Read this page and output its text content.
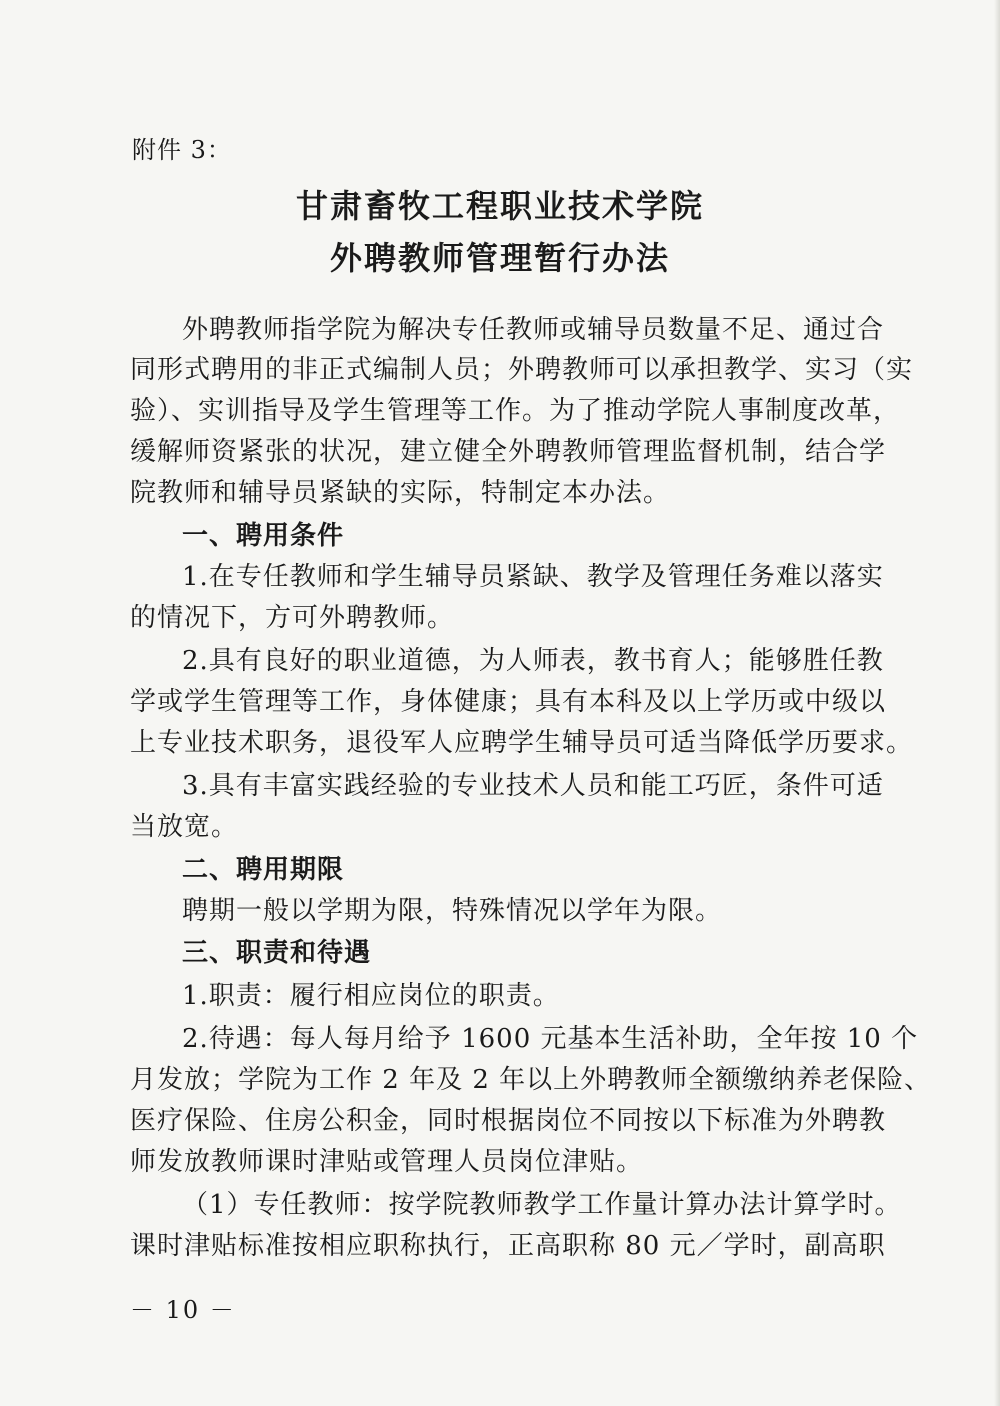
附件 3：
甘肃畜牧工程职业技术学院
外聘教师管理暂行办法
外聘教师指学院为解决专任教师或辅导员数量不足、通过合
同形式聘用的非正式编制人员；外聘教师可以承担教学、实习（实
验）、实训指导及学生管理等工作。为了推动学院人事制度改革，
缓解师资紧张的状况，建立健全外聘教师管理监督机制，结合学
院教师和辅导员紧缺的实际，特制定本办法。
一、聘用条件
1.在专任教师和学生辅导员紧缺、教学及管理任务难以落实
的情况下，方可外聘教师。
2.具有良好的职业道德，为人师表，教书育人；能够胜任教
学或学生管理等工作，身体健康；具有本科及以上学历或中级以
上专业技术职务，退役军人应聘学生辅导员可适当降低学历要求。
3.具有丰富实践经验的专业技术人员和能工巧匠，条件可适
当放宽。
二、聘用期限
聘期一般以学期为限，特殊情况以学年为限。
三、职责和待遇
1.职责：履行相应岗位的职责。
2.待遇：每人每月给予 1600 元基本生活补助，全年按 10 个
月发放；学院为工作 2 年及 2 年以上外聘教师全额缴纳养老保险、
医疗保险、住房公积金，同时根据岗位不同按以下标准为外聘教
师发放教师课时津贴或管理人员岗位津贴。
（1）专任教师：按学院教师教学工作量计算办法计算学时。
课时津贴标准按相应职称执行，正高职称 80 元／学时，副高职
－ 10 －
